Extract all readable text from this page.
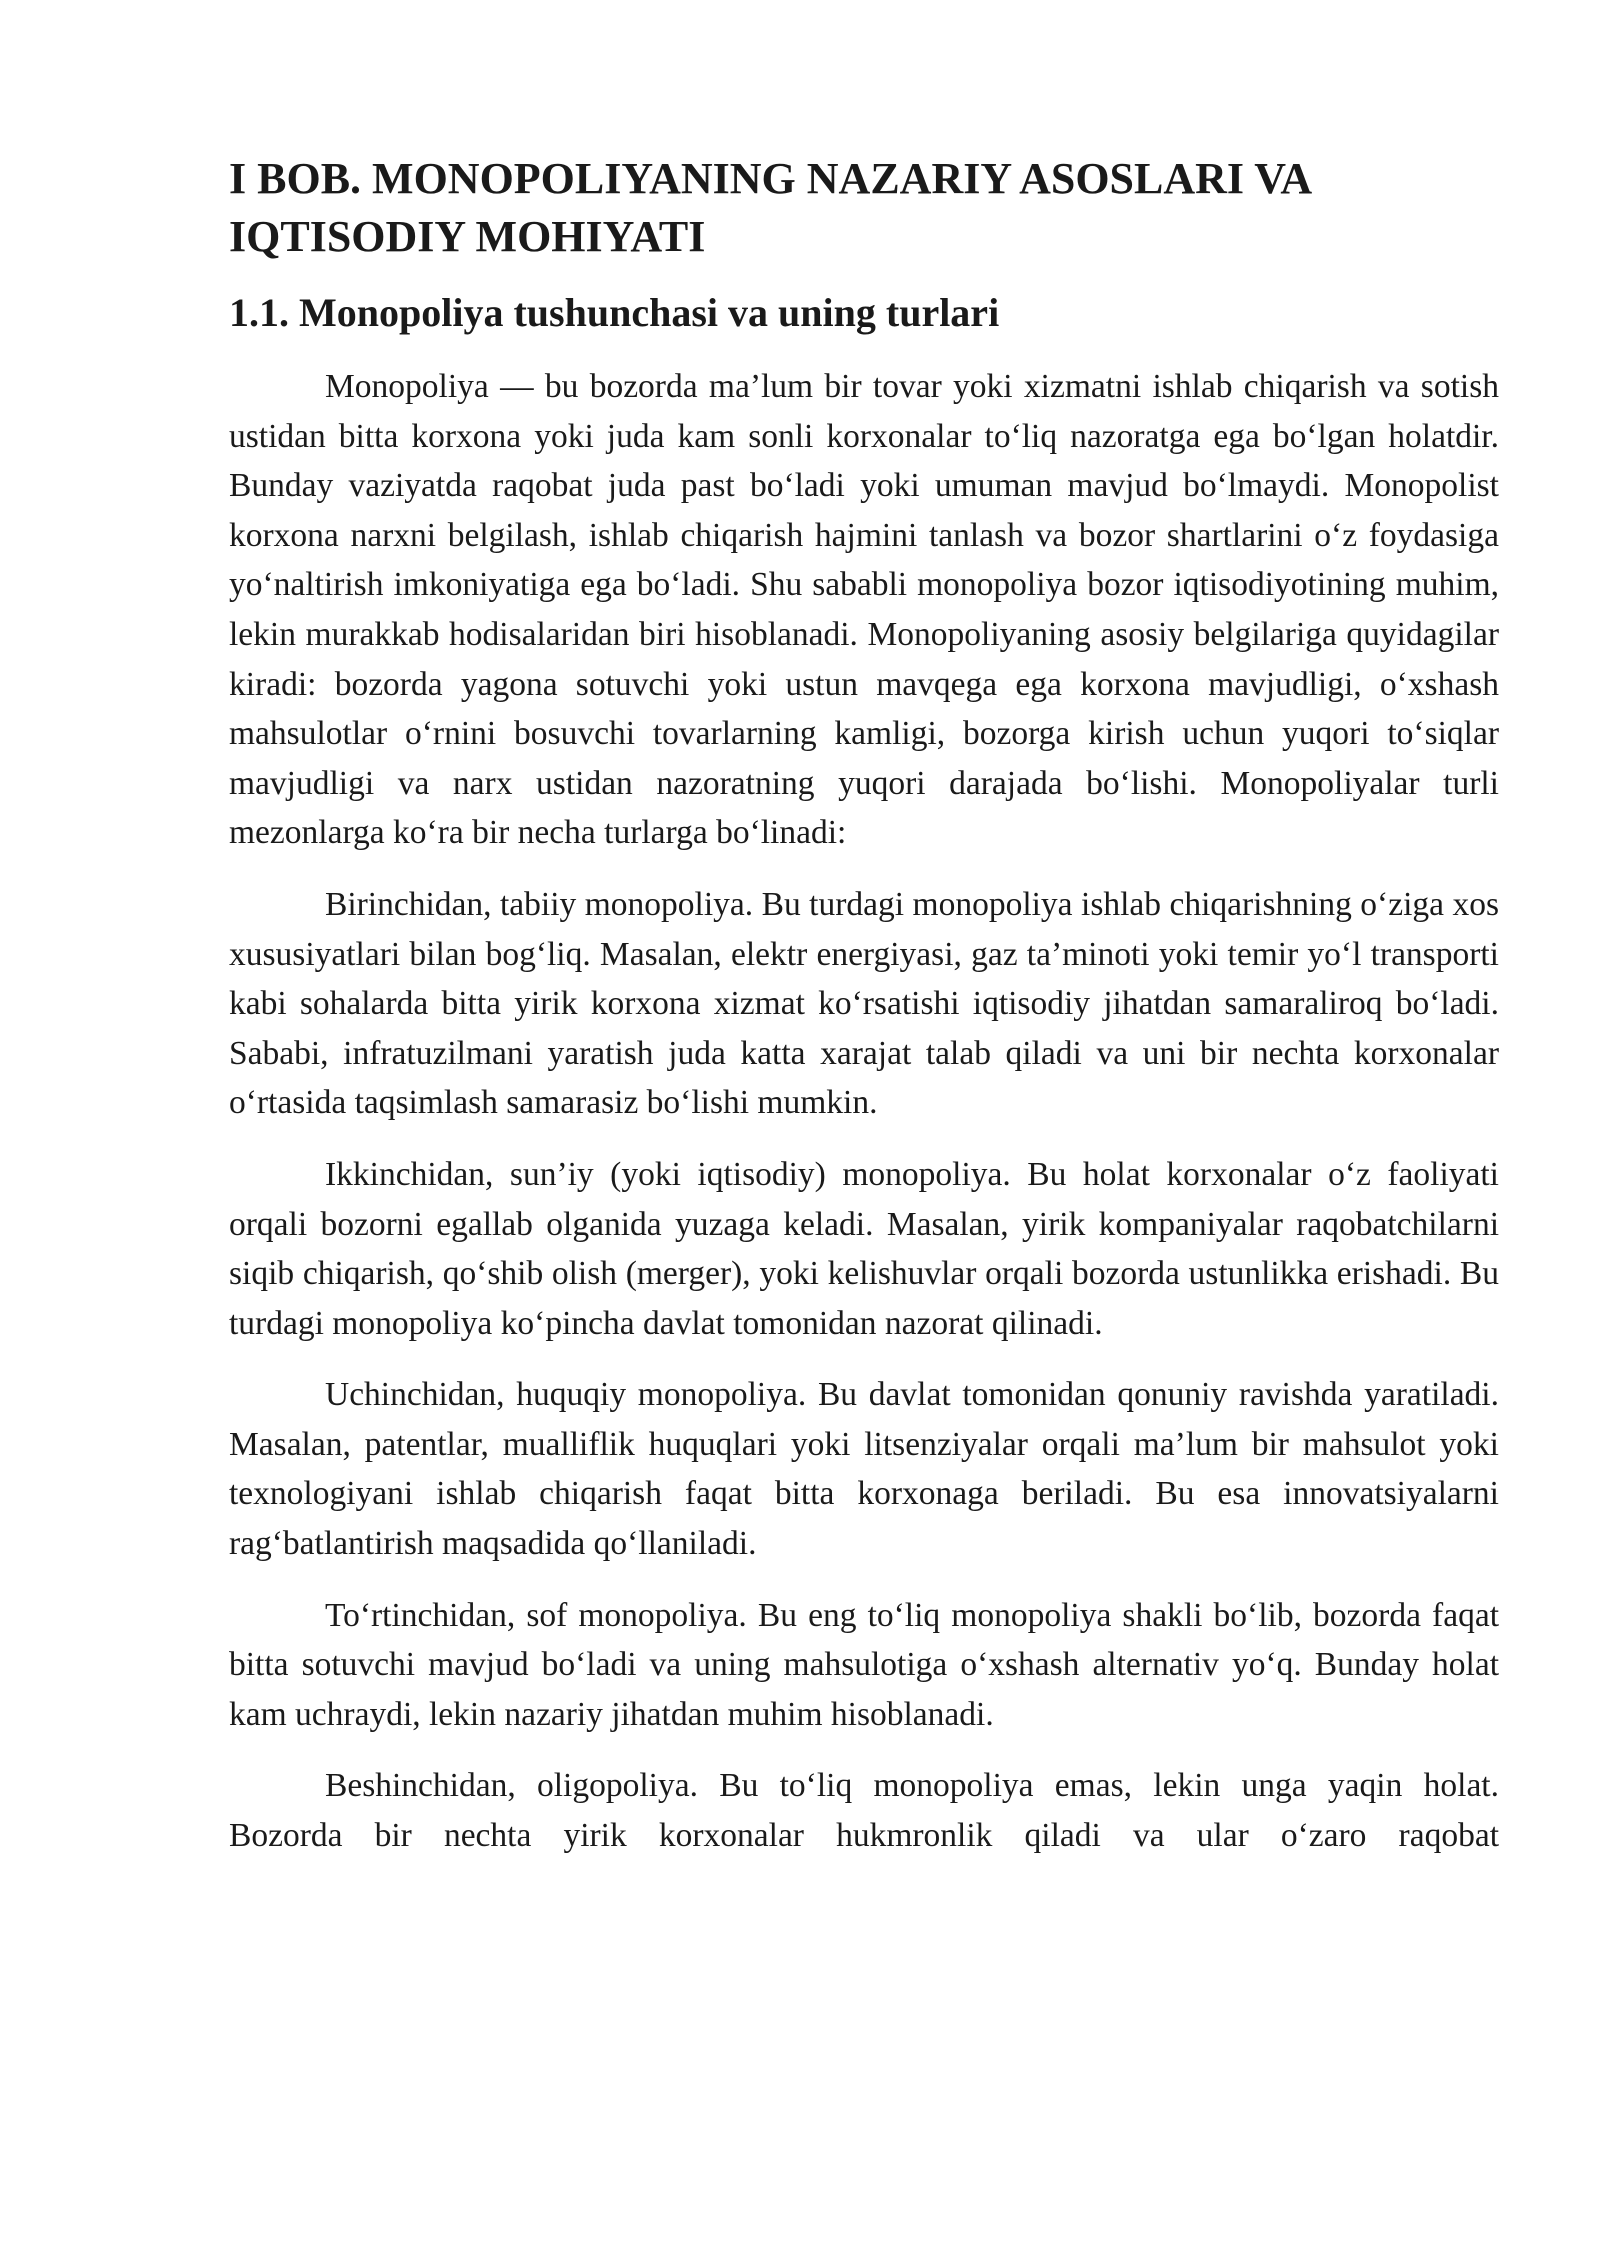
I BOB. MONOPOLIYANING NAZARIY ASOSLARI VA IQTISODIY MOHIYATI
1.1. Monopoliya tushunchasi va uning turlari

Monopoliya — bu bozorda ma’lum bir tovar yoki xizmatni ishlab chiqarish va sotish ustidan bitta korxona yoki juda kam sonli korxonalar to‘liq nazoratga ega bo‘lgan holatdir. Bunday vaziyatda raqobat juda past bo‘ladi yoki umuman mavjud bo‘lmaydi. Monopolist korxona narxni belgilash, ishlab chiqarish hajmini tanlash va bozor shartlarini o‘z foydasiga yo‘naltirish imkoniyatiga ega bo‘ladi. Shu sababli monopoliya bozor iqtisodiyotining muhim, lekin murakkab hodisalaridan biri hisoblanadi. Monopoliyaning asosiy belgilariga quyidagilar kiradi: bozorda yagona sotuvchi yoki ustun mavqega ega korxona mavjudligi, o‘xshash mahsulotlar o‘rnini bosuvchi tovarlarning kamligi, bozorga kirish uchun yuqori to‘siqlar mavjudligi va narx ustidan nazoratning yuqori darajada bo‘lishi. Monopoliyalar turli mezonlarga ko‘ra bir necha turlarga bo‘linadi:

Birinchidan, tabiiy monopoliya. Bu turdagi monopoliya ishlab chiqarishning o‘ziga xos xususiyatlari bilan bog‘liq. Masalan, elektr energiyasi, gaz ta’minoti yoki temir yo‘l transporti kabi sohalarda bitta yirik korxona xizmat ko‘rsatishi iqtisodiy jihatdan samaraliroq bo‘ladi. Sababi, infratuzilmani yaratish juda katta xarajat talab qiladi va uni bir nechta korxonalar o‘rtasida taqsimlash samarasiz bo‘lishi mumkin.

Ikkinchidan, sun’iy (yoki iqtisodiy) monopoliya. Bu holat korxonalar o‘z faoliyati orqali bozorni egallab olganida yuzaga keladi. Masalan, yirik kompaniyalar raqobatchilarni siqib chiqarish, qo‘shib olish (merger), yoki kelishuvlar orqali bozorda ustunlikka erishadi. Bu turdagi monopoliya ko‘pincha davlat tomonidan nazorat qilinadi.

Uchinchidan, huquqiy monopoliya. Bu davlat tomonidan qonuniy ravishda yaratiladi. Masalan, patentlar, mualliflik huquqlari yoki litsenziyalar orqali ma’lum bir mahsulot yoki texnologiyani ishlab chiqarish faqat bitta korxonaga beriladi. Bu esa innovatsiyalarni rag‘batlantirish maqsadida qo‘llaniladi.

To‘rtinchidan, sof monopoliya. Bu eng to‘liq monopoliya shakli bo‘lib, bozorda faqat bitta sotuvchi mavjud bo‘ladi va uning mahsulotiga o‘xshash alternativ yo‘q. Bunday holat kam uchraydi, lekin nazariy jihatdan muhim hisoblanadi.

Beshinchidan, oligopoliya. Bu to‘liq monopoliya emas, lekin unga yaqin holat. Bozorda bir nechta yirik korxonalar hukmronlik qiladi va ular o‘zaro raqobat
